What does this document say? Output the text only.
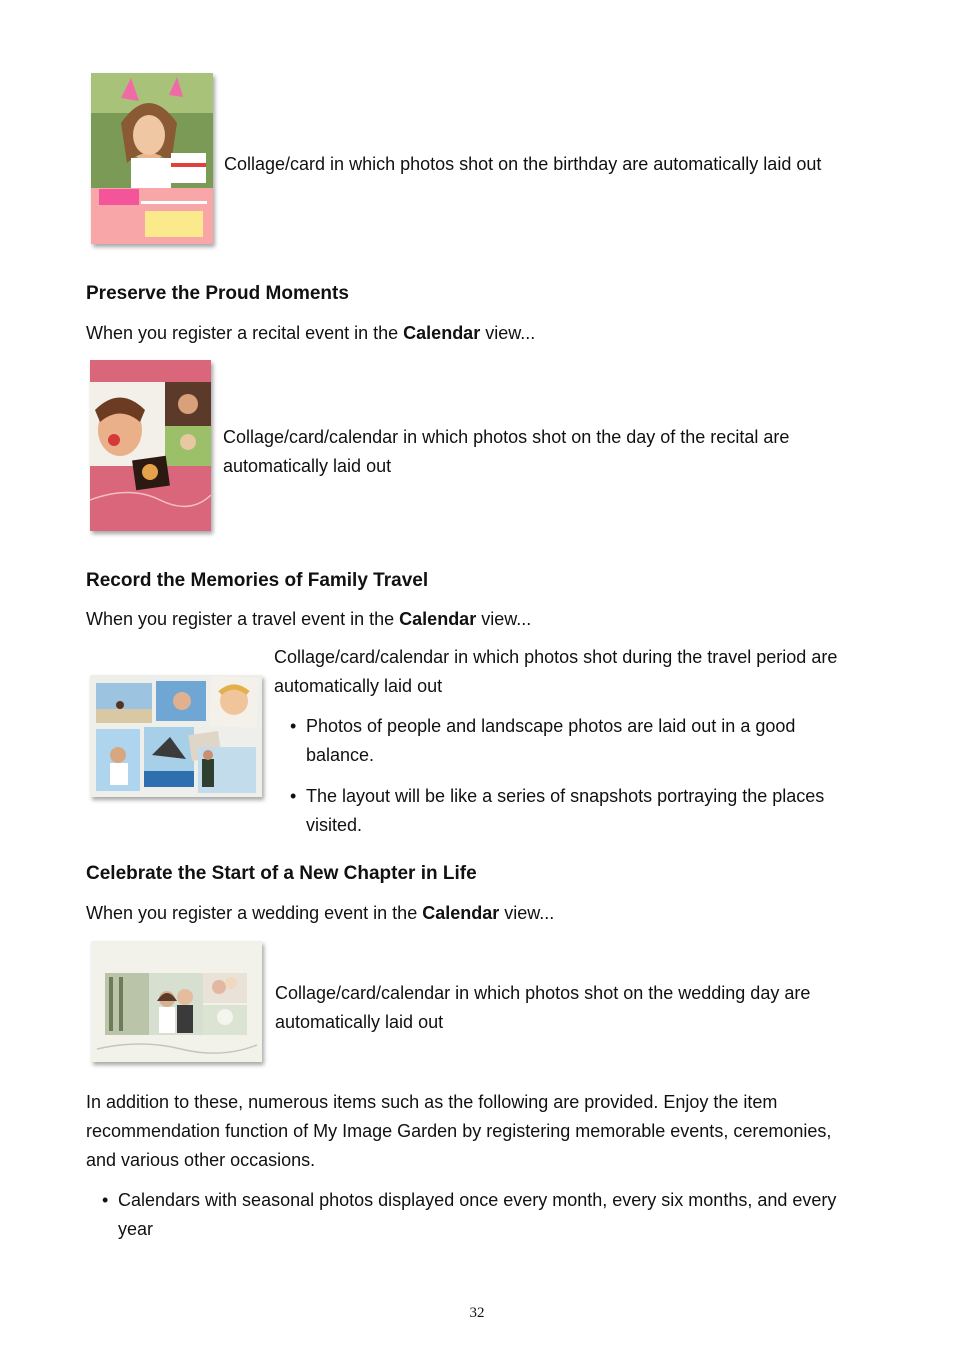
Collage/card in which photos shot on the birthday are automatically laid out
Preserve the Proud Moments
When you register a recital event in the Calendar view...
Collage/card/calendar in which photos shot on the day of the recital are automatically laid out
Record the Memories of Family Travel
When you register a travel event in the Calendar view...
Collage/card/calendar in which photos shot during the travel period are automatically laid out
• Photos of people and landscape photos are laid out in a good balance.
• The layout will be like a series of snapshots portraying the places visited.
Celebrate the Start of a New Chapter in Life
When you register a wedding event in the Calendar view...
Collage/card/calendar in which photos shot on the wedding day are automatically laid out
In addition to these, numerous items such as the following are provided. Enjoy the item recommendation function of My Image Garden by registering memorable events, ceremonies, and various other occasions.
• Calendars with seasonal photos displayed once every month, every six months, and every year
32
